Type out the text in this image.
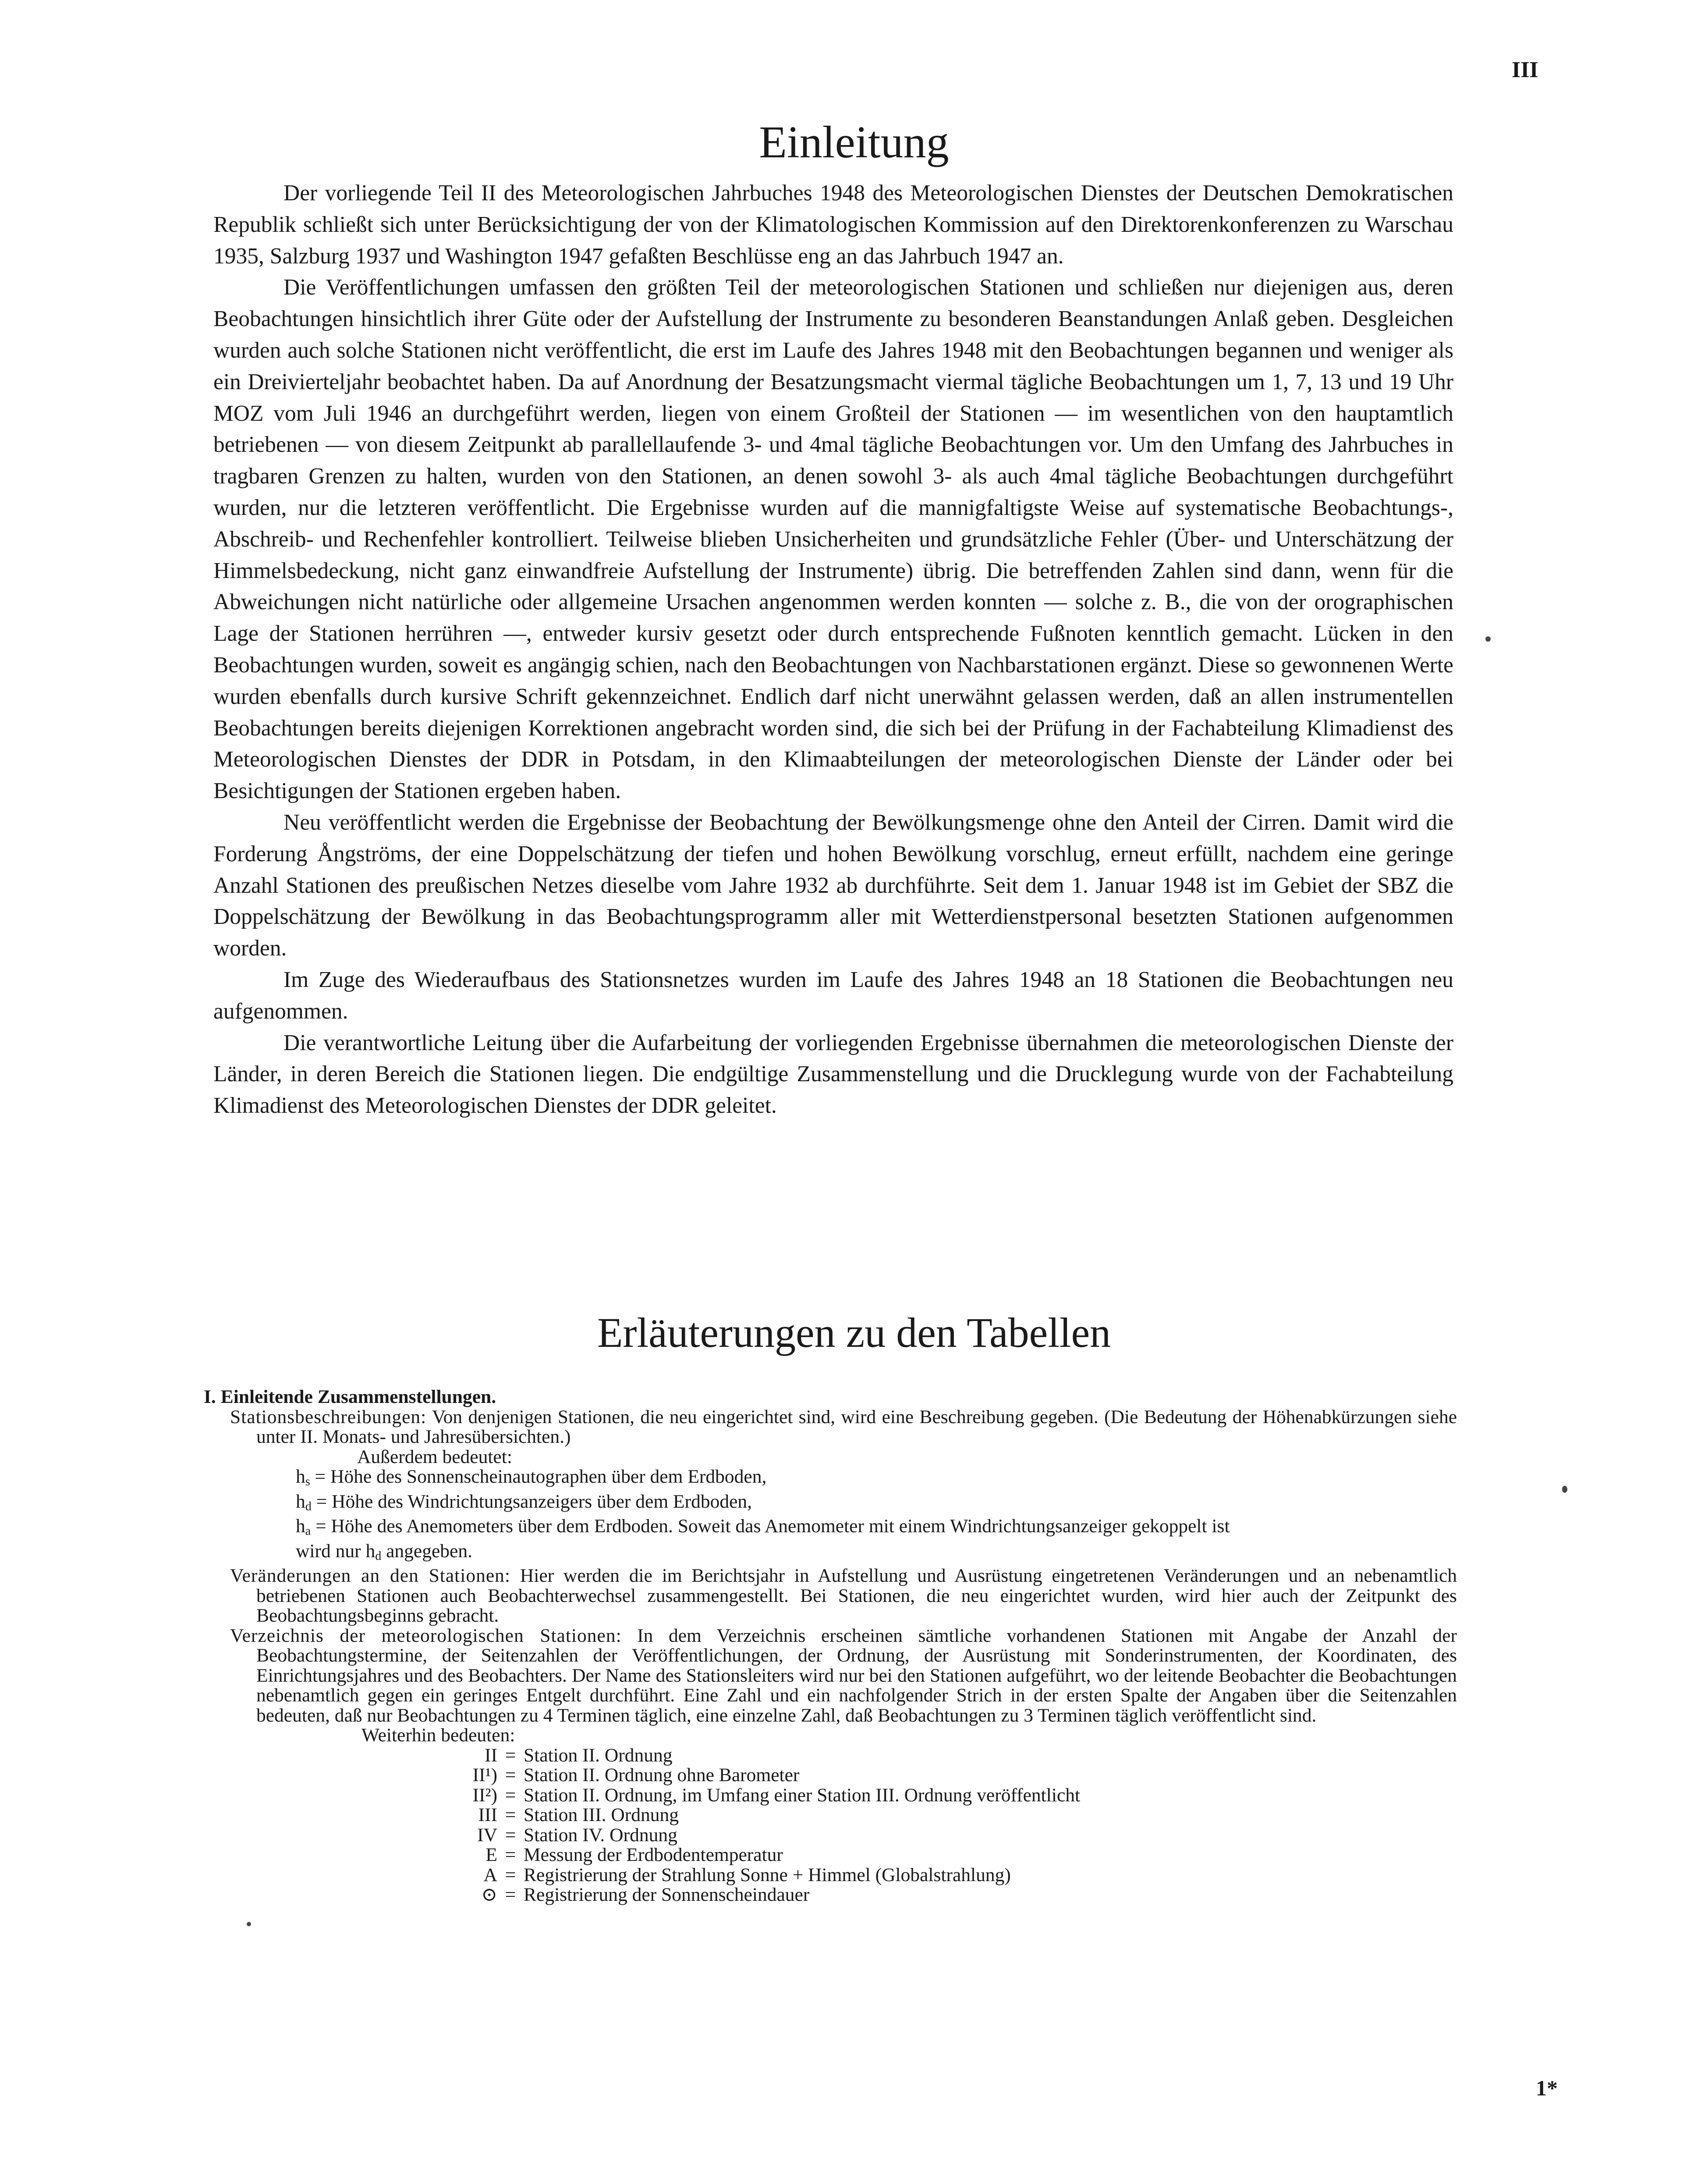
III
Einleitung

Der vorliegende Teil II des Meteorologischen Jahrbuches 1948 des Meteorologischen Dienstes der Deutschen Demokratischen Republik schließt sich unter Berücksichtigung der von der Klimatologischen Kommission auf den Direktorenkonferenzen zu Warschau 1935, Salzburg 1937 und Washington 1947 gefaßten Beschlüsse eng an das Jahrbuch 1947 an.

Die Veröffentlichungen umfassen den größten Teil der meteorologischen Stationen und schließen nur diejenigen aus, deren Beobachtungen hinsichtlich ihrer Güte oder der Aufstellung der Instrumente zu besonderen Beanstandungen Anlaß geben. Desgleichen wurden auch solche Stationen nicht veröffentlicht, die erst im Laufe des Jahres 1948 mit den Beobachtungen begannen und weniger als ein Dreivierteljahr beobachtet haben. Da auf Anordnung der Besatzungsmacht viermal tägliche Beobachtungen um 1, 7, 13 und 19 Uhr MOZ vom Juli 1946 an durchgeführt werden, liegen von einem Großteil der Stationen — im wesentlichen von den hauptamtlich betriebenen — von diesem Zeitpunkt ab parallellaufende 3- und 4mal tägliche Beobachtungen vor. Um den Umfang des Jahrbuches in tragbaren Grenzen zu halten, wurden von den Stationen, an denen sowohl 3- als auch 4mal tägliche Beobachtungen durchgeführt wurden, nur die letzteren veröffentlicht. Die Ergebnisse wurden auf die mannigfaltigste Weise auf systematische Beobachtungs-, Abschreib- und Rechenfehler kontrolliert. Teilweise blieben Unsicherheiten und grundsätzliche Fehler (Über- und Unterschätzung der Himmelsbedeckung, nicht ganz einwandfreie Aufstellung der Instrumente) übrig. Die betreffenden Zahlen sind dann, wenn für die Abweichungen nicht natürliche oder allgemeine Ursachen angenommen werden konnten — solche z. B., die von der orographischen Lage der Stationen herrühren —, entweder kursiv gesetzt oder durch entsprechende Fußnoten kenntlich gemacht. Lücken in den Beobachtungen wurden, soweit es angängig schien, nach den Beobachtungen von Nachbarstationen ergänzt. Diese so gewonnenen Werte wurden ebenfalls durch kursive Schrift gekennzeichnet. Endlich darf nicht unerwähnt gelassen werden, daß an allen instrumentellen Beobachtungen bereits diejenigen Korrektionen angebracht worden sind, die sich bei der Prüfung in der Fachabteilung Klimadienst des Meteorologischen Dienstes der DDR in Potsdam, in den Klimaabteilungen der meteorologischen Dienste der Länder oder bei Besichtigungen der Stationen ergeben haben.

Neu veröffentlicht werden die Ergebnisse der Beobachtung der Bewölkungsmenge ohne den Anteil der Cirren. Damit wird die Forderung Ångströms, der eine Doppelschätzung der tiefen und hohen Bewölkung vorschlug, erneut erfüllt, nachdem eine geringe Anzahl Stationen des preußischen Netzes dieselbe vom Jahre 1932 ab durchführte. Seit dem 1. Januar 1948 ist im Gebiet der SBZ die Doppelschätzung der Bewölkung in das Beobachtungsprogramm aller mit Wetterdienstpersonal besetzten Stationen aufgenommen worden.

Im Zuge des Wiederaufbaus des Stationsnetzes wurden im Laufe des Jahres 1948 an 18 Stationen die Beobachtungen neu aufgenommen.

Die verantwortliche Leitung über die Aufarbeitung der vorliegenden Ergebnisse übernahmen die meteorologischen Dienste der Länder, in deren Bereich die Stationen liegen. Die endgültige Zusammenstellung und die Drucklegung wurde von der Fachabteilung Klimadienst des Meteorologischen Dienstes der DDR geleitet.

Erläuterungen zu den Tabellen

I. Einleitende Zusammenstellungen.

Stationsbeschreibungen: Von denjenigen Stationen, die neu eingerichtet sind, wird eine Beschreibung gegeben. (Die Bedeutung der Höhenabkürzungen siehe unter II. Monats- und Jahresübersichten.)

Außerdem bedeutet:

$h_s$ = Höhe des Sonnenscheinautographen über dem Erdboden,

$h_d$ = Höhe des Windrichtungsanzeigers über dem Erdboden,

$h_a$ = Höhe des Anemometers über dem Erdboden. Soweit das Anemometer mit einem Windrichtungsanzeiger gekoppelt ist

wird nur $h_d$ angegeben.

Veränderungen an den Stationen: Hier werden die im Berichtsjahr in Aufstellung und Ausrüstung eingetretenen Veränderungen und an nebenamtlich betriebenen Stationen auch Beobachterwechsel zusammengestellt. Bei Stationen, die neu eingerichtet wurden, wird hier auch der Zeitpunkt des Beobachtungsbeginns gebracht.

Verzeichnis der meteorologischen Stationen: In dem Verzeichnis erscheinen sämtliche vorhandenen Stationen mit Angabe der Anzahl der Beobachtungstermine, der Seitenzahlen der Veröffentlichungen, der Ordnung, der Ausrüstung mit Sonderinstrumenten, der Koordinaten, des Einrichtungsjahres und des Beobachters. Der Name des Stationsleiters wird nur bei den Stationen aufgeführt, wo der leitende Beobachter die Beobachtungen nebenamtlich gegen ein geringes Entgelt durchführt. Eine Zahl und ein nachfolgender Strich in der ersten Spalte der Angaben über die Seitenzahlen bedeuten, daß nur Beobachtungen zu 4 Terminen täglich, eine einzelne Zahl, daß Beobachtungen zu 3 Terminen täglich veröffentlicht sind.

Weiterhin bedeuten:

II = Station II. Ordnung

II¹) = Station II. Ordnung ohne Barometer

II²) = Station II. Ordnung, im Umfang einer Station III. Ordnung veröffentlicht

III = Station III. Ordnung

IV = Station IV. Ordnung

E = Messung der Erdbodentemperatur

A = Registrierung der Strahlung Sonne + Himmel (Globalstrahlung)

⊙ = Registrierung der Sonnenscheindauer

1*
